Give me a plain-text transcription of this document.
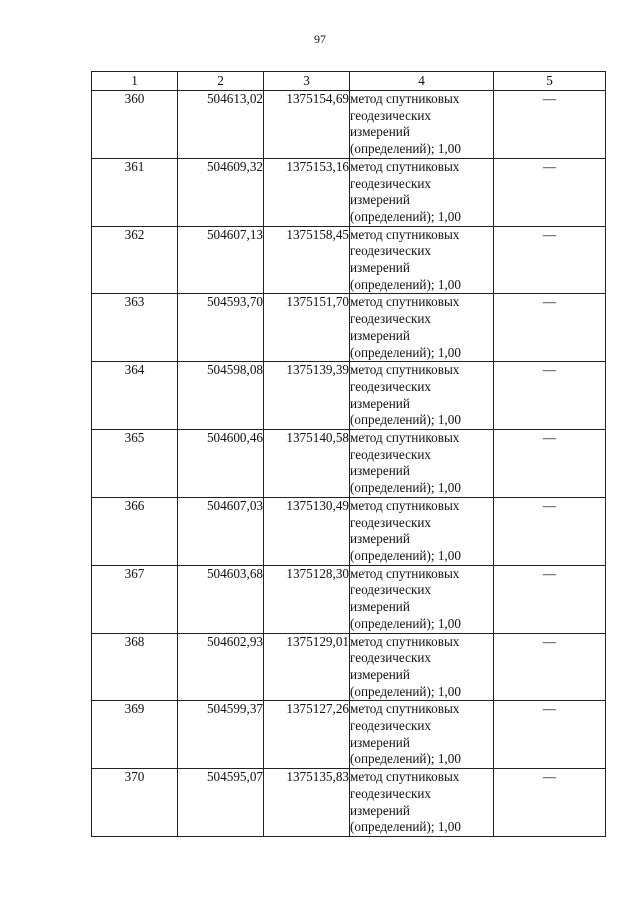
97
1	2	3	4	5
360	504613,02	1375154,69	метод спутниковых
геодезических
измерений
(определений); 1,00	—
361	504609,32	1375153,16	метод спутниковых
геодезических
измерений
(определений); 1,00	—
362	504607,13	1375158,45	метод спутниковых
геодезических
измерений
(определений); 1,00	—
363	504593,70	1375151,70	метод спутниковых
геодезических
измерений
(определений); 1,00	—
364	504598,08	1375139,39	метод спутниковых
геодезических
измерений
(определений); 1,00	—
365	504600,46	1375140,58	метод спутниковых
геодезических
измерений
(определений); 1,00	—
366	504607,03	1375130,49	метод спутниковых
геодезических
измерений
(определений); 1,00	—
367	504603,68	1375128,30	метод спутниковых
геодезических
измерений
(определений); 1,00	—
368	504602,93	1375129,01	метод спутниковых
геодезических
измерений
(определений); 1,00	—
369	504599,37	1375127,26	метод спутниковых
геодезических
измерений
(определений); 1,00	—
370	504595,07	1375135,83	метод спутниковых
геодезических
измерений
(определений); 1,00	—
